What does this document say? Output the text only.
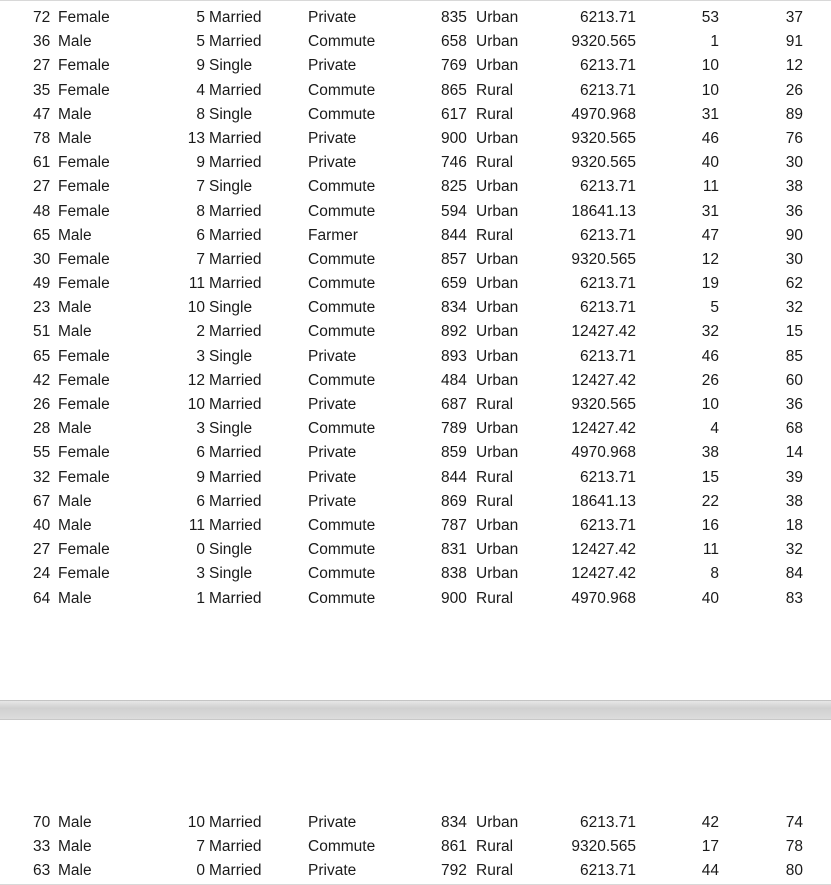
72 Female	5 Married	Private	835 Urban	6213.71	53	37
36 Male	5 Married	Commute	658 Urban	9320.565	1	91
27 Female	9 Single	Private	769 Urban	6213.71	10	12
35 Female	4 Married	Commute	865 Rural	6213.71	10	26
47 Male	8 Single	Commute	617 Rural	4970.968	31	89
78 Male	13 Married	Private	900 Urban	9320.565	46	76
61 Female	9 Married	Private	746 Rural	9320.565	40	30
27 Female	7 Single	Commute	825 Urban	6213.71	11	38
48 Female	8 Married	Commute	594 Urban	18641.13	31	36
65 Male	6 Married	Farmer	844 Rural	6213.71	47	90
30 Female	7 Married	Commute	857 Urban	9320.565	12	30
49 Female	11 Married	Commute	659 Urban	6213.71	19	62
23 Male	10 Single	Commute	834 Urban	6213.71	5	32
51 Male	2 Married	Commute	892 Urban	12427.42	32	15
65 Female	3 Single	Private	893 Urban	6213.71	46	85
42 Female	12 Married	Commute	484 Urban	12427.42	26	60
26 Female	10 Married	Private	687 Rural	9320.565	10	36
28 Male	3 Single	Commute	789 Urban	12427.42	4	68
55 Female	6 Married	Private	859 Urban	4970.968	38	14
32 Female	9 Married	Private	844 Rural	6213.71	15	39
67 Male	6 Married	Private	869 Rural	18641.13	22	38
40 Male	11 Married	Commute	787 Urban	6213.71	16	18
27 Female	0 Single	Commute	831 Urban	12427.42	11	32
24 Female	3 Single	Commute	838 Urban	12427.42	8	84
64 Male	1 Married	Commute	900 Rural	4970.968	40	83
70 Male	10 Married	Private	834 Urban	6213.71	42	74
33 Male	7 Married	Commute	861 Rural	9320.565	17	78
63 Male	0 Married	Private	792 Rural	6213.71	44	80
